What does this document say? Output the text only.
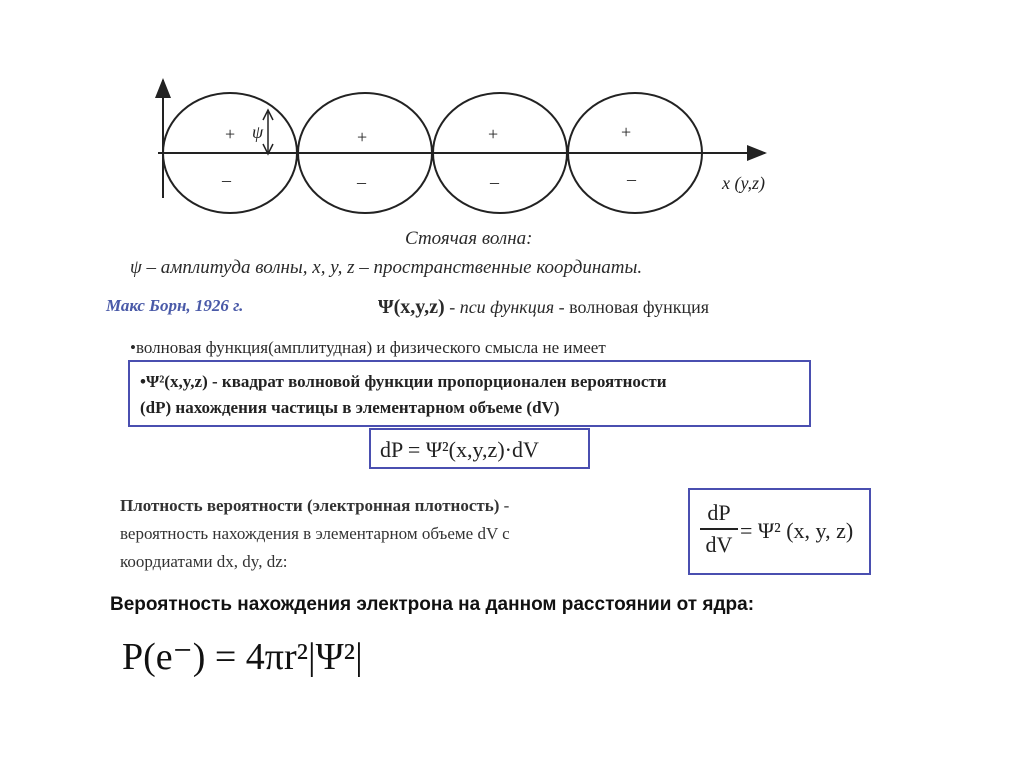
+	+	+	+
–	–	–	–
ψ
x (y,z)
Стоячая волна:
ψ – амплитуда волны, x, y, z – пространственные координаты.
Макс Борн, 1926 г.	Ψ(x,y,z) - пси функция - волновая функция
•волновая функция(амплитудная) и физического смысла не имеет
•Ψ²(x,y,z) - квадрат волновой функции пропорционален вероятности
(dP) нахождения частицы в элементарном объеме (dV)
dP = Ψ²(x,y,z)·dV
Плотность вероятности (электронная плотность) -
вероятность нахождения в элементарном объеме dV с
коордиатами dx, dy, dz:
dP
dV
= Ψ² (x, y, z)
Вероятность нахождения электрона на данном расстоянии от ядра:
P(e⁻) = 4πr²|Ψ²|
